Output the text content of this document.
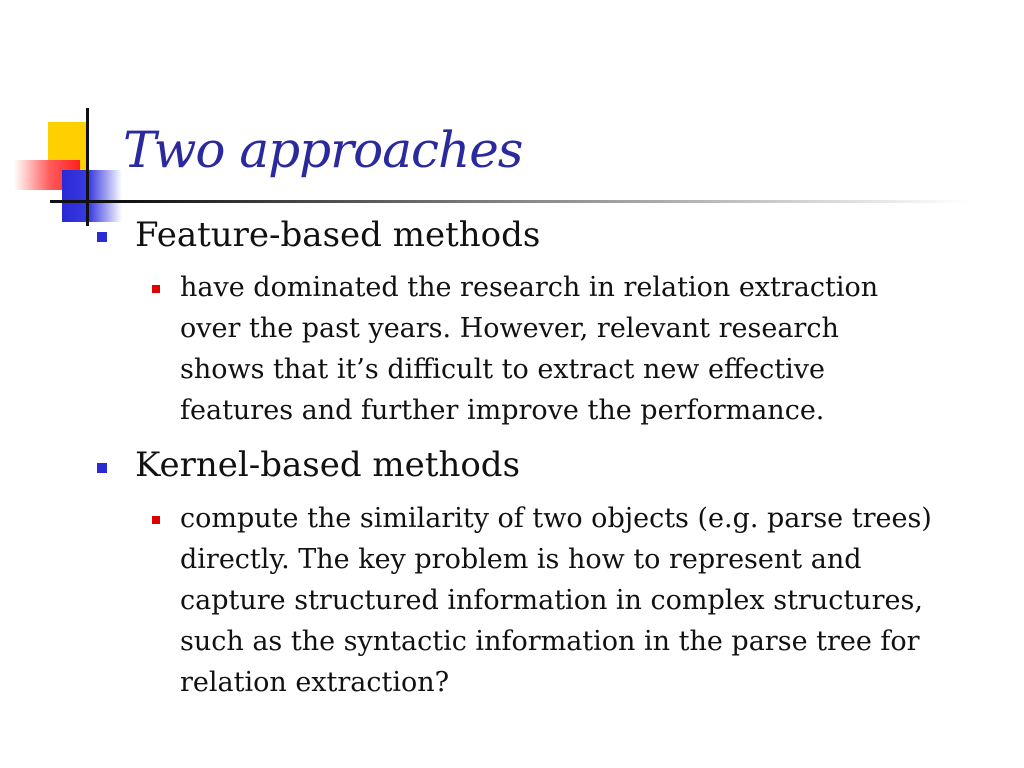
Two approaches
Feature-based methods
have dominated the research in relation extraction
over the past years. However, relevant research
shows that it’s difficult to extract new effective
features and further improve the performance.
Kernel-based methods
compute the similarity of two objects (e.g. parse trees)
directly. The key problem is how to represent and
capture structured information in complex structures,
such as the syntactic information in the parse tree for
relation extraction?
